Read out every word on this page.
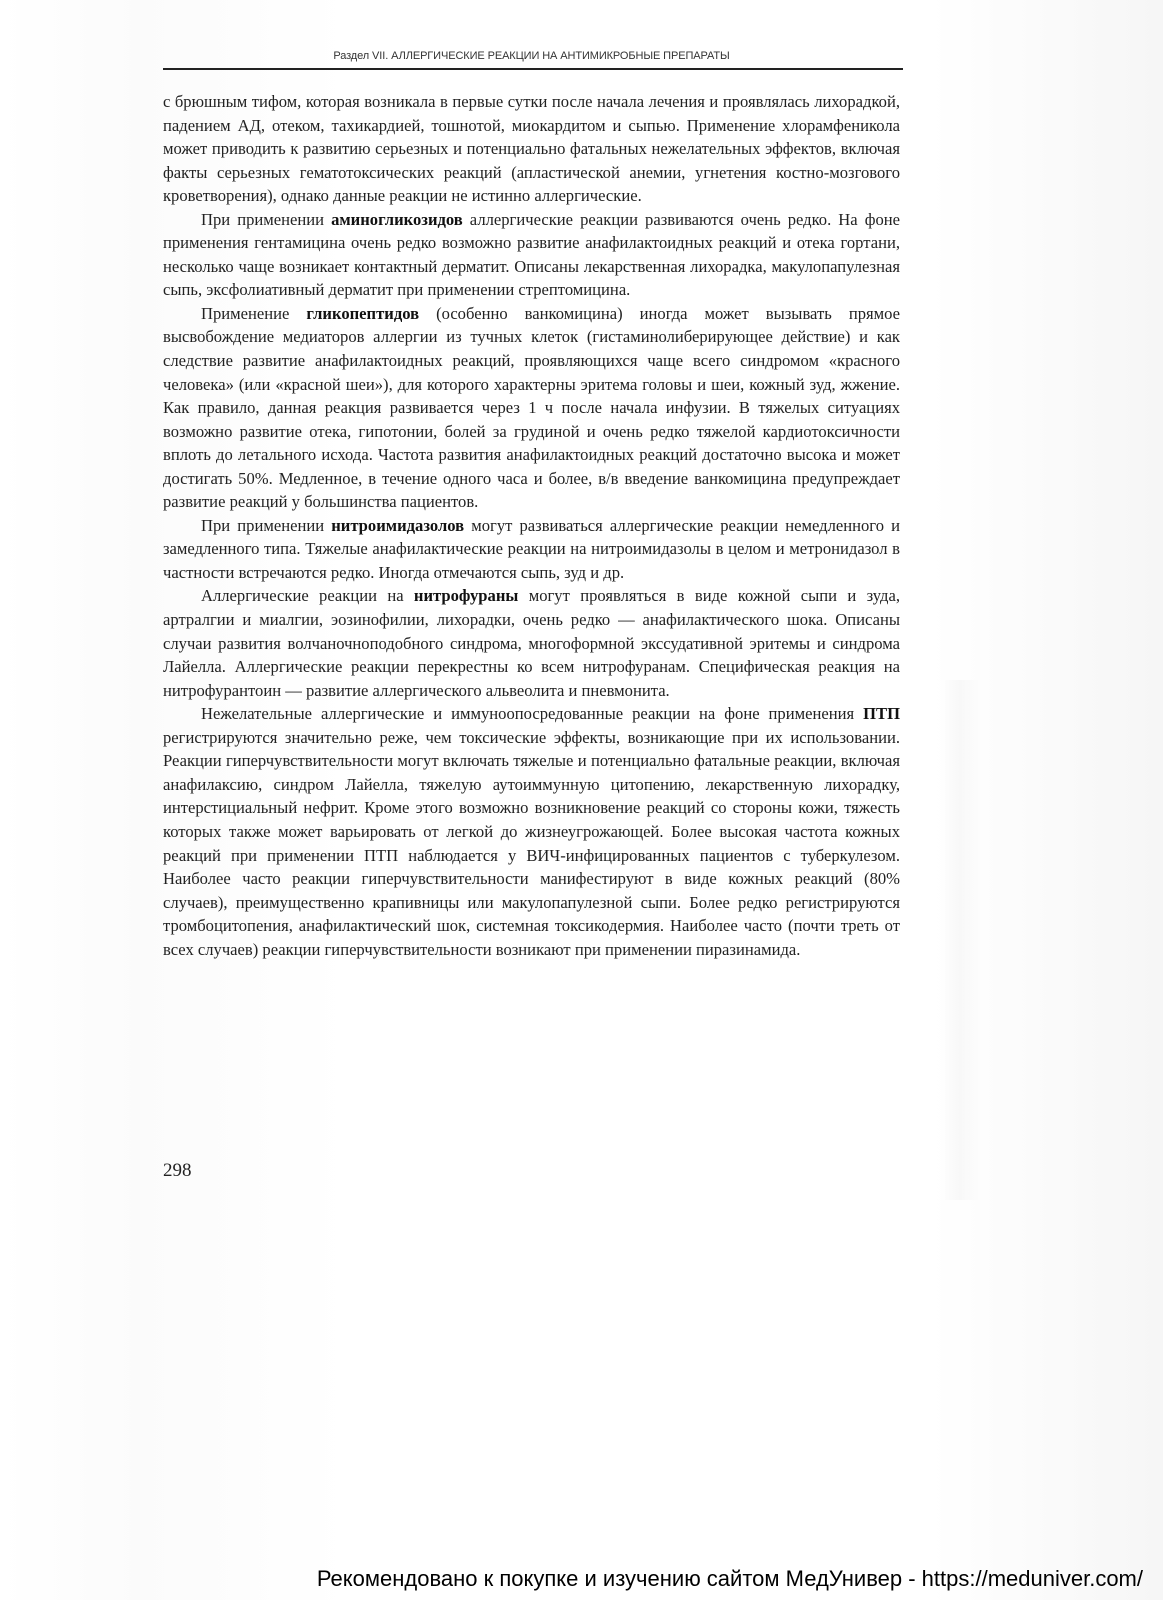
Раздел VII. АЛЛЕРГИЧЕСКИЕ РЕАКЦИИ НА АНТИМИКРОБНЫЕ ПРЕПАРАТЫ

с брюшным тифом, которая возникала в первые сутки после начала лечения и проявлялась лихорадкой, падением АД, отеком, тахикардией, тошнотой, миокардитом и сыпью. Применение хлорамфеникола может приводить к развитию серьезных и потенциально фатальных нежелательных эффектов, включая факты серьезных гематотоксических реакций (апластической анемии, угнетения костно-мозгового кроветворения), однако данные реакции не истинно аллергические.

При применении аминогликозидов аллергические реакции развиваются очень редко. На фоне применения гентамицина очень редко возможно развитие анафилактоидных реакций и отека гортани, несколько чаще возникает контактный дерматит. Описаны лекарственная лихорадка, макулопапулезная сыпь, эксфолиативный дерматит при применении стрептомицина.

Применение гликопептидов (особенно ванкомицина) иногда может вызывать прямое высвобождение медиаторов аллергии из тучных клеток (гистаминолиберирующее действие) и как следствие развитие анафилактоидных реакций, проявляющихся чаще всего синдромом «красного человека» (или «красной шеи»), для которого характерны эритема головы и шеи, кожный зуд, жжение. Как правило, данная реакция развивается через 1 ч после начала инфузии. В тяжелых ситуациях возможно развитие отека, гипотонии, болей за грудиной и очень редко тяжелой кардиотоксичности вплоть до летального исхода. Частота развития анафилактоидных реакций достаточно высока и может достигать 50%. Медленное, в течение одного часа и более, в/в введение ванкомицина предупреждает развитие реакций у большинства пациентов.

При применении нитроимидазолов могут развиваться аллергические реакции немедленного и замедленного типа. Тяжелые анафилактические реакции на нитроимидазолы в целом и метронидазол в частности встречаются редко. Иногда отмечаются сыпь, зуд и др.

Аллергические реакции на нитрофураны могут проявляться в виде кожной сыпи и зуда, артралгии и миалгии, эозинофилии, лихорадки, очень редко — анафилактического шока. Описаны случаи развития волчаночноподобного синдрома, многоформной экссудативной эритемы и синдрома Лайелла. Аллергические реакции перекрестны ко всем нитрофуранам. Специфическая реакция на нитрофурантоин — развитие аллергического альвеолита и пневмонита.

Нежелательные аллергические и иммуноопосредованные реакции на фоне применения ПТП регистрируются значительно реже, чем токсические эффекты, возникающие при их использовании. Реакции гиперчувствительности могут включать тяжелые и потенциально фатальные реакции, включая анафилаксию, синдром Лайелла, тяжелую аутоиммунную цитопению, лекарственную лихорадку, интерстициальный нефрит. Кроме этого возможно возникновение реакций со стороны кожи, тяжесть которых также может варьировать от легкой до жизнеугрожающей. Более высокая частота кожных реакций при применении ПТП наблюдается у ВИЧ-инфицированных пациентов с туберкулезом. Наиболее часто реакции гиперчувствительности манифестируют в виде кожных реакций (80% случаев), преимущественно крапивницы или макулопапулезной сыпи. Более редко регистрируются тромбоцитопения, анафилактический шок, системная токсикодермия. Наиболее часто (почти треть от всех случаев) реакции гиперчувствительности возникают при применении пиразинамида.

298
Рекомендовано к покупке и изучению сайтом МедУнивер - https://meduniver.com/
